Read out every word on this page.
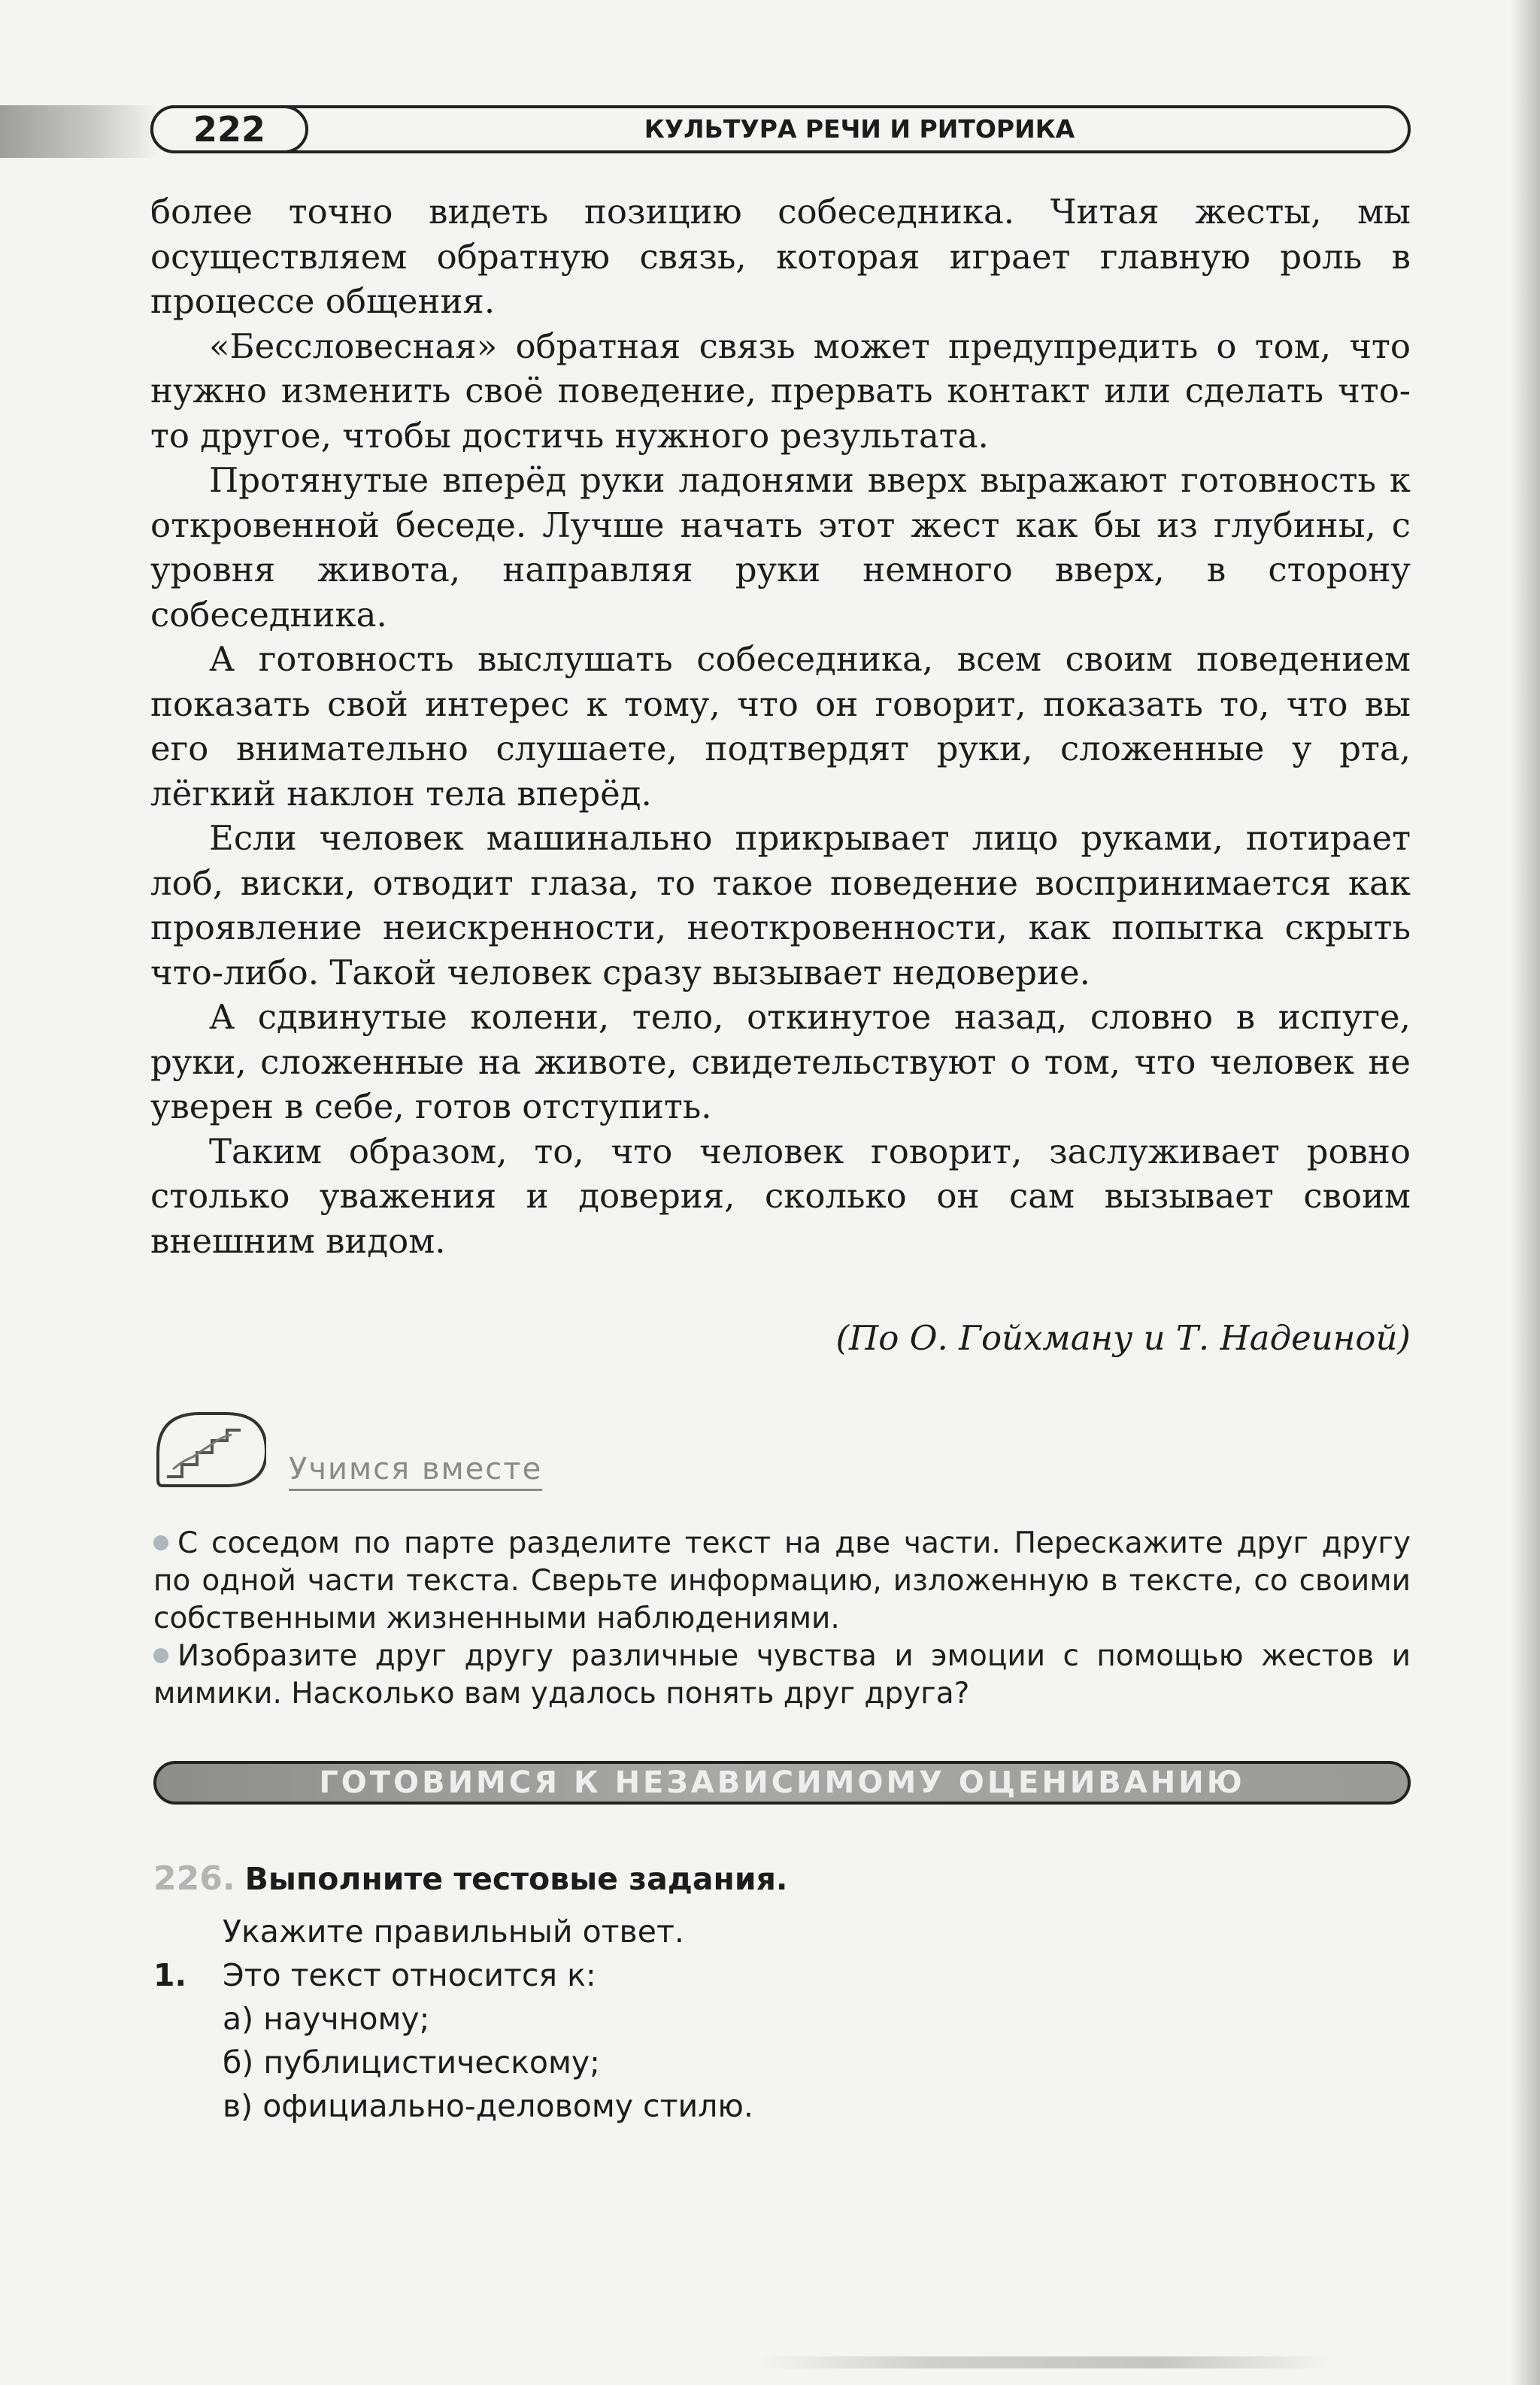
222	КУЛЬТУРА РЕЧИ И РИТОРИКА

более точно видеть позицию собеседника. Читая жесты, мы осуществляем обратную связь, которая играет главную роль в процессе общения.

«Бессловесная» обратная связь может предупредить о том, что нужно изменить своё поведение, прервать контакт или сделать что-то другое, чтобы достичь нужного результата.

Протянутые вперёд руки ладонями вверх выражают готовность к откровенной беседе. Лучше начать этот жест как бы из глубины, с уровня живота, направляя руки немного вверх, в сторону собеседника.

А готовность выслушать собеседника, всем своим поведением показать свой интерес к тому, что он говорит, показать то, что вы его внимательно слушаете, подтвердят руки, сложенные у рта, лёгкий наклон тела вперёд.

Если человек машинально прикрывает лицо руками, потирает лоб, виски, отводит глаза, то такое поведение воспринимается как проявление неискренности, неоткровенности, как попытка скрыть что-либо. Такой человек сразу вызывает недоверие.

А сдвинутые колени, тело, откинутое назад, словно в испуге, руки, сложенные на животе, свидетельствуют о том, что человек не уверен в себе, готов отступить.

Таким образом, то, что человек говорит, заслуживает ровно столько уважения и доверия, сколько он сам вызывает своим внешним видом.

(По О. Гойхману и Т. Надеиной)
Учимся вместе

С соседом по парте разделите текст на две части. Перескажите друг другу по одной части текста. Сверьте информацию, изложенную в тексте, со своими собственными жизненными наблюдениями.

Изобразите друг другу различные чувства и эмоции с помощью жестов и мимики. Насколько вам удалось понять друг друга?

ГОТОВИМСЯ К НЕЗАВИСИМОМУ ОЦЕНИВАНИЮ
226. Выполните тестовые задания.
Укажите правильный ответ.
1. Это текст относится к:
а) научному;
б) публицистическому;
в) официально-деловому стилю.
